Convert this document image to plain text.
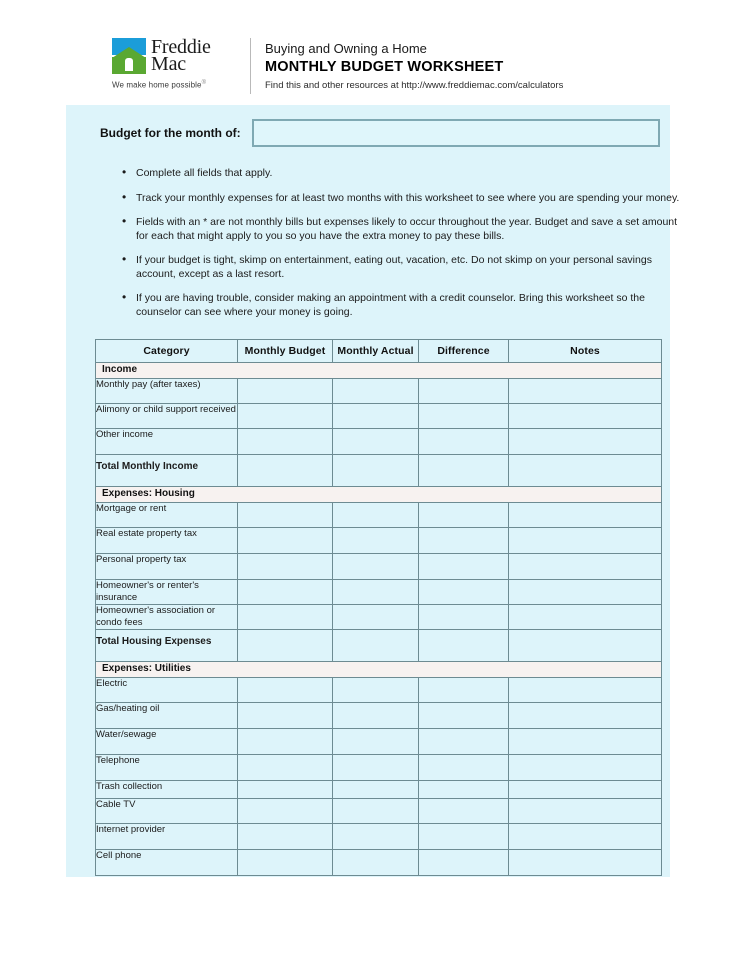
Freddie
Mac
We make home possible®
Buying and Owning a Home
MONTHLY BUDGET WORKSHEET
Find this and other resources at http://www.freddiemac.com/calculators
Budget for the month of:
• Complete all fields that apply.
• Track your monthly expenses for at least two months with this worksheet to see where you are spending your money.
• Fields with an * are not monthly bills but expenses likely to occur throughout the year. Budget and save a set amount for each that might apply to you so you have the extra money to pay these bills.
• If your budget is tight, skimp on entertainment, eating out, vacation, etc. Do not skimp on your personal savings account, except as a last resort.
• If you are having trouble, consider making an appointment with a credit counselor. Bring this worksheet so the counselor can see where your money is going.
Category	Monthly Budget	Monthly Actual	Difference	Notes
Income				
Monthly pay (after taxes)				
Alimony or child support received				
Other income				
Total Monthly Income				
Expenses: Housing				
Mortgage or rent				
Real estate property tax				
Personal property tax				
Homeowner's or renter's insurance				
Homeowner's association or condo fees				
Total Housing Expenses				
Expenses: Utilities				
Electric				
Gas/heating oil				
Water/sewage				
Telephone				
Trash collection				
Cable TV				
Internet provider				
Cell phone				
